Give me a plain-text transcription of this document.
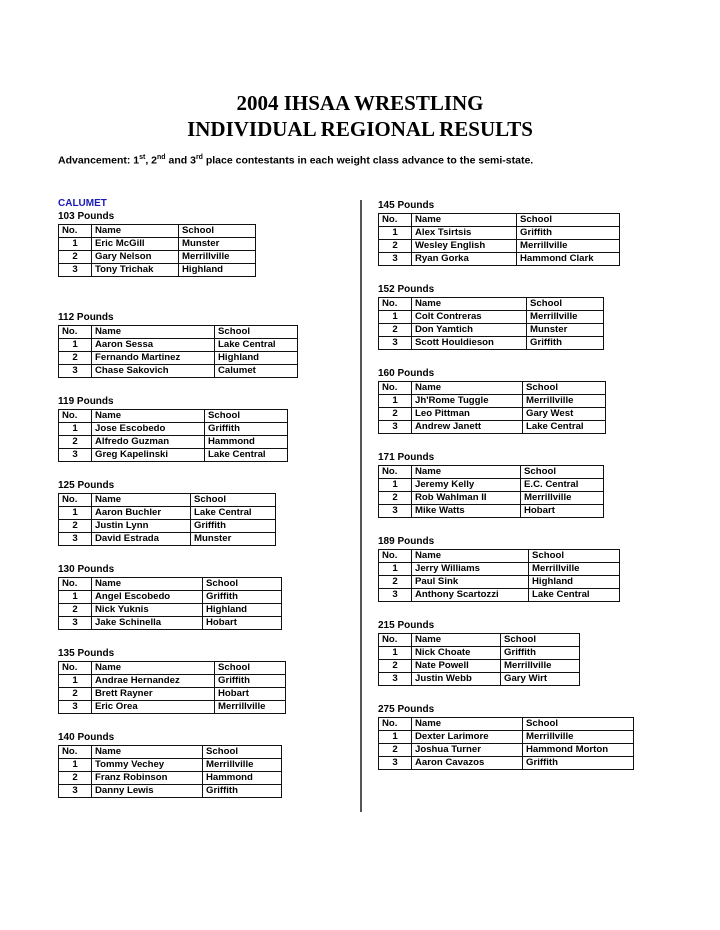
2004 IHSAA WRESTLING
INDIVIDUAL REGIONAL RESULTS
Advancement: 1st, 2nd and 3rd place contestants in each weight class advance to the semi-state.
CALUMET
103 Pounds
No.	Name	School
1	Eric McGill	Munster
2	Gary Nelson	Merrillville
3	Tony Trichak	Highland
112 Pounds
No.	Name	School
1	Aaron Sessa	Lake Central
2	Fernando Martinez	Highland
3	Chase Sakovich	Calumet
119 Pounds
No.	Name	School
1	Jose Escobedo	Griffith
2	Alfredo Guzman	Hammond
3	Greg Kapelinski	Lake Central
125 Pounds
No.	Name	School
1	Aaron Buchler	Lake Central
2	Justin Lynn	Griffith
3	David Estrada	Munster
130 Pounds
No.	Name	School
1	Angel Escobedo	Griffith
2	Nick Yuknis	Highland
3	Jake Schinella	Hobart
135 Pounds
No.	Name	School
1	Andrae Hernandez	Griffith
2	Brett Rayner	Hobart
3	Eric Orea	Merrillville
140 Pounds
No.	Name	School
1	Tommy Vechey	Merrillville
2	Franz Robinson	Hammond
3	Danny Lewis	Griffith
145 Pounds
No.	Name	School
1	Alex Tsirtsis	Griffith
2	Wesley English	Merrillville
3	Ryan Gorka	Hammond Clark
152 Pounds
No.	Name	School
1	Colt Contreras	Merrillville
2	Don Yamtich	Munster
3	Scott Houldieson	Griffith
160 Pounds
No.	Name	School
1	Jh'Rome Tuggle	Merrillville
2	Leo Pittman	Gary West
3	Andrew Janett	Lake Central
171 Pounds
No.	Name	School
1	Jeremy Kelly	E.C. Central
2	Rob Wahlman II	Merrillville
3	Mike Watts	Hobart
189 Pounds
No.	Name	School
1	Jerry Williams	Merrillville
2	Paul Sink	Highland
3	Anthony Scartozzi	Lake Central
215 Pounds
No.	Name	School
1	Nick Choate	Griffith
2	Nate Powell	Merrillville
3	Justin Webb	Gary Wirt
275 Pounds
No.	Name	School
1	Dexter Larimore	Merrillville
2	Joshua Turner	Hammond Morton
3	Aaron Cavazos	Griffith
